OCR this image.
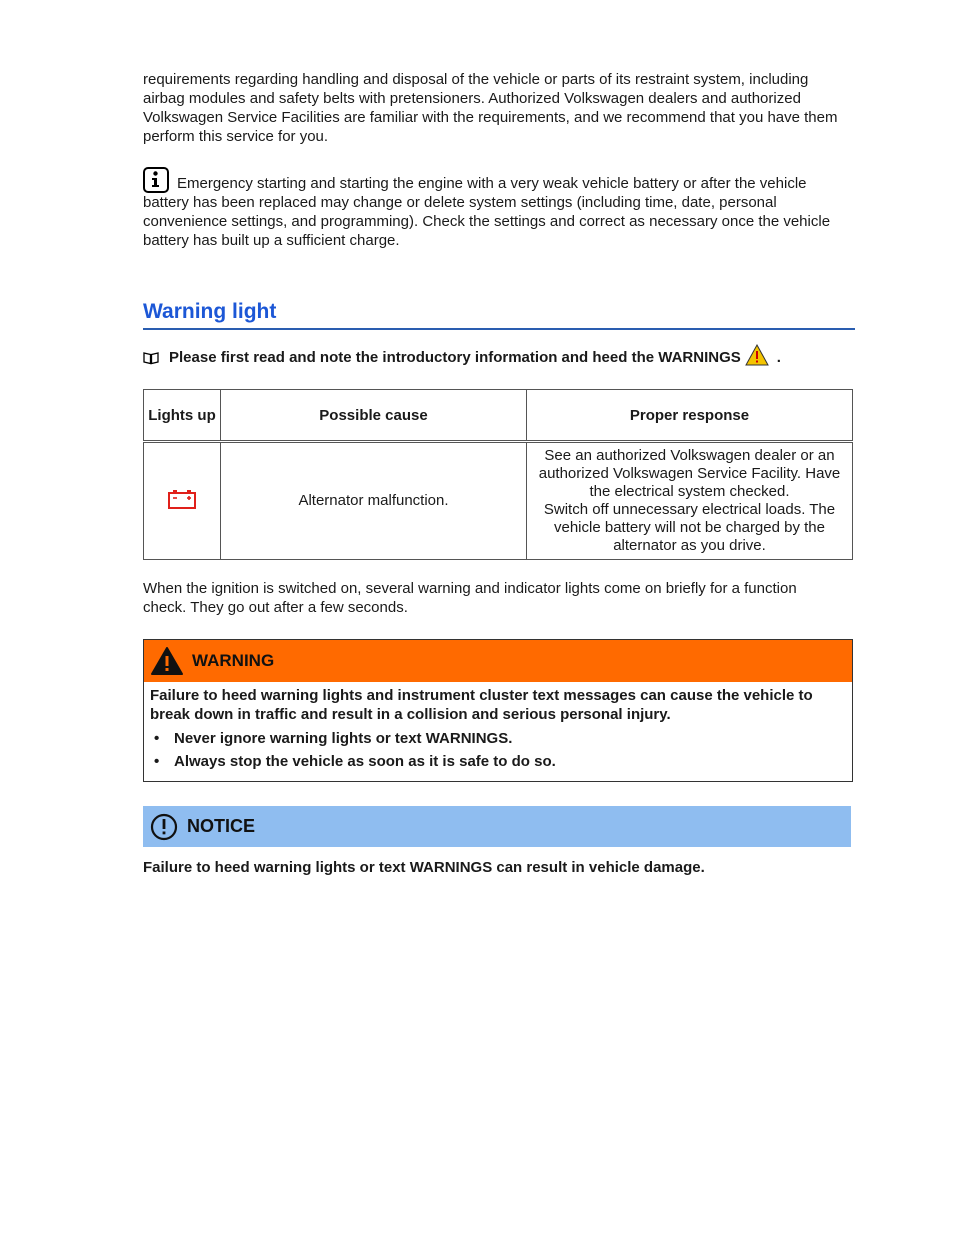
requirements regarding handling and disposal of the vehicle or parts of its restraint system, including airbag modules and safety belts with pretensioners. Authorized Volkswagen dealers and authorized Volkswagen Service Facilities are familiar with the requirements, and we recommend that you have them perform this service for you.

Emergency starting and starting the engine with a very weak vehicle battery or after the vehicle battery has been replaced may change or delete system settings (including time, date, personal convenience settings, and programming). Check the settings and correct as necessary once the vehicle battery has built up a sufficient charge.

Warning light
Please first read and note the introductory information and heed the WARNINGS .
Lights up	Possible cause	Proper response
	Alternator malfunction.	See an authorized Volkswagen dealer or an authorized Volkswagen Service Facility. Have the electrical system checked.
Switch off unnecessary electrical loads. The vehicle battery will not be charged by the alternator as you drive.

When the ignition is switched on, several warning and indicator lights come on briefly for a function check. They go out after a few seconds.

WARNING

Failure to heed warning lights and instrument cluster text messages can cause the vehicle to break down in traffic and result in a collision and serious personal injury.

• Never ignore warning lights or text WARNINGS.
• Always stop the vehicle as soon as it is safe to do so.
NOTICE

Failure to heed warning lights or text WARNINGS can result in vehicle damage.
